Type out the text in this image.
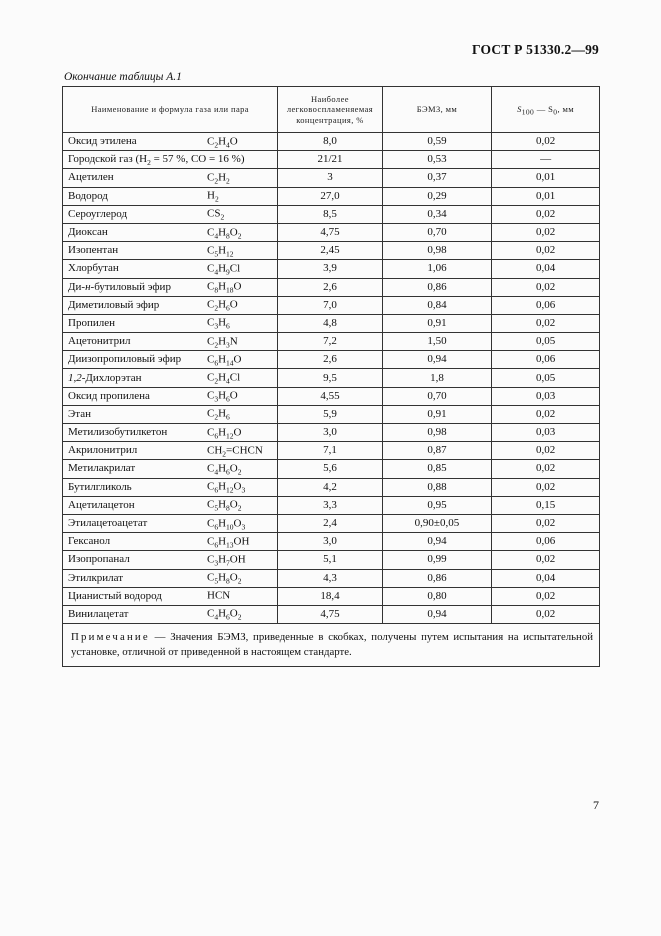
ГОСТ Р 51330.2—99
Окончание таблицы А.1
Наименование и формула газа или пара	Наиболее легковоспламеняемая концентрация, %	БЭМЗ, мм	$S_{100}$ — $S_0$, мм
Оксид этилена $C_2H_4O$	8,0	0,59	0,02
Городской газ ($H_2 = 57$ %, CO = 16 %)	21/21	0,53	—
Ацетилен $C_2H_2$	3	0,37	0,01
Водород $H_2$	27,0	0,29	0,01
Сероуглерод $CS_2$	8,5	0,34	0,02
Диоксан $C_4H_8O_2$	4,75	0,70	0,02
Изопентан $C_5H_{12}$	2,45	0,98	0,02
Хлорбутан $C_4H_9Cl$	3,9	1,06	0,04
Ди-н-бутиловый эфир $C_8H_{18}O$	2,6	0,86	0,02
Диметиловый эфир $C_2H_6O$	7,0	0,84	0,06
Пропилен $C_3H_6$	4,8	0,91	0,02
Ацетонитрил $C_2H_3N$	7,2	1,50	0,05
Диизопропиловый эфир $C_6H_{14}O$	2,6	0,94	0,06
1,2-Дихлорэтан $C_2H_4Cl$	9,5	1,8	0,05
Оксид пропилена $C_3H_6O$	4,55	0,70	0,03
Этан $C_2H_6$	5,9	0,91	0,02
Метилизобутилкетон $C_6H_{12}O$	3,0	0,98	0,03
Акрилонитрил $CH_2=CHCN$	7,1	0,87	0,02
Метилакрилат $C_4H_6O_2$	5,6	0,85	0,02
Бутилгликоль $C_6H_{12}O_3$	4,2	0,88	0,02
Ацетилацетон $C_5H_8O_2$	3,3	0,95	0,15
Этилацетоацетат $C_6H_{10}O_3$	2,4	0,90±0,05	0,02
Гексанол $C_6H_{13}OH$	3,0	0,94	0,06
Изопропанал $C_3H_7OH$	5,1	0,99	0,02
Этилкрилат $C_5H_8O_2$	4,3	0,86	0,04
Цианистый водород HCN	18,4	0,80	0,02
Винилацетат $C_4H_6O_2$	4,75	0,94	0,02
Примечание — Значения БЭМЗ, приведенные в скобках, получены путем испытания на испытательной установке, отличной от приведенной в настоящем стандарте.			
7
